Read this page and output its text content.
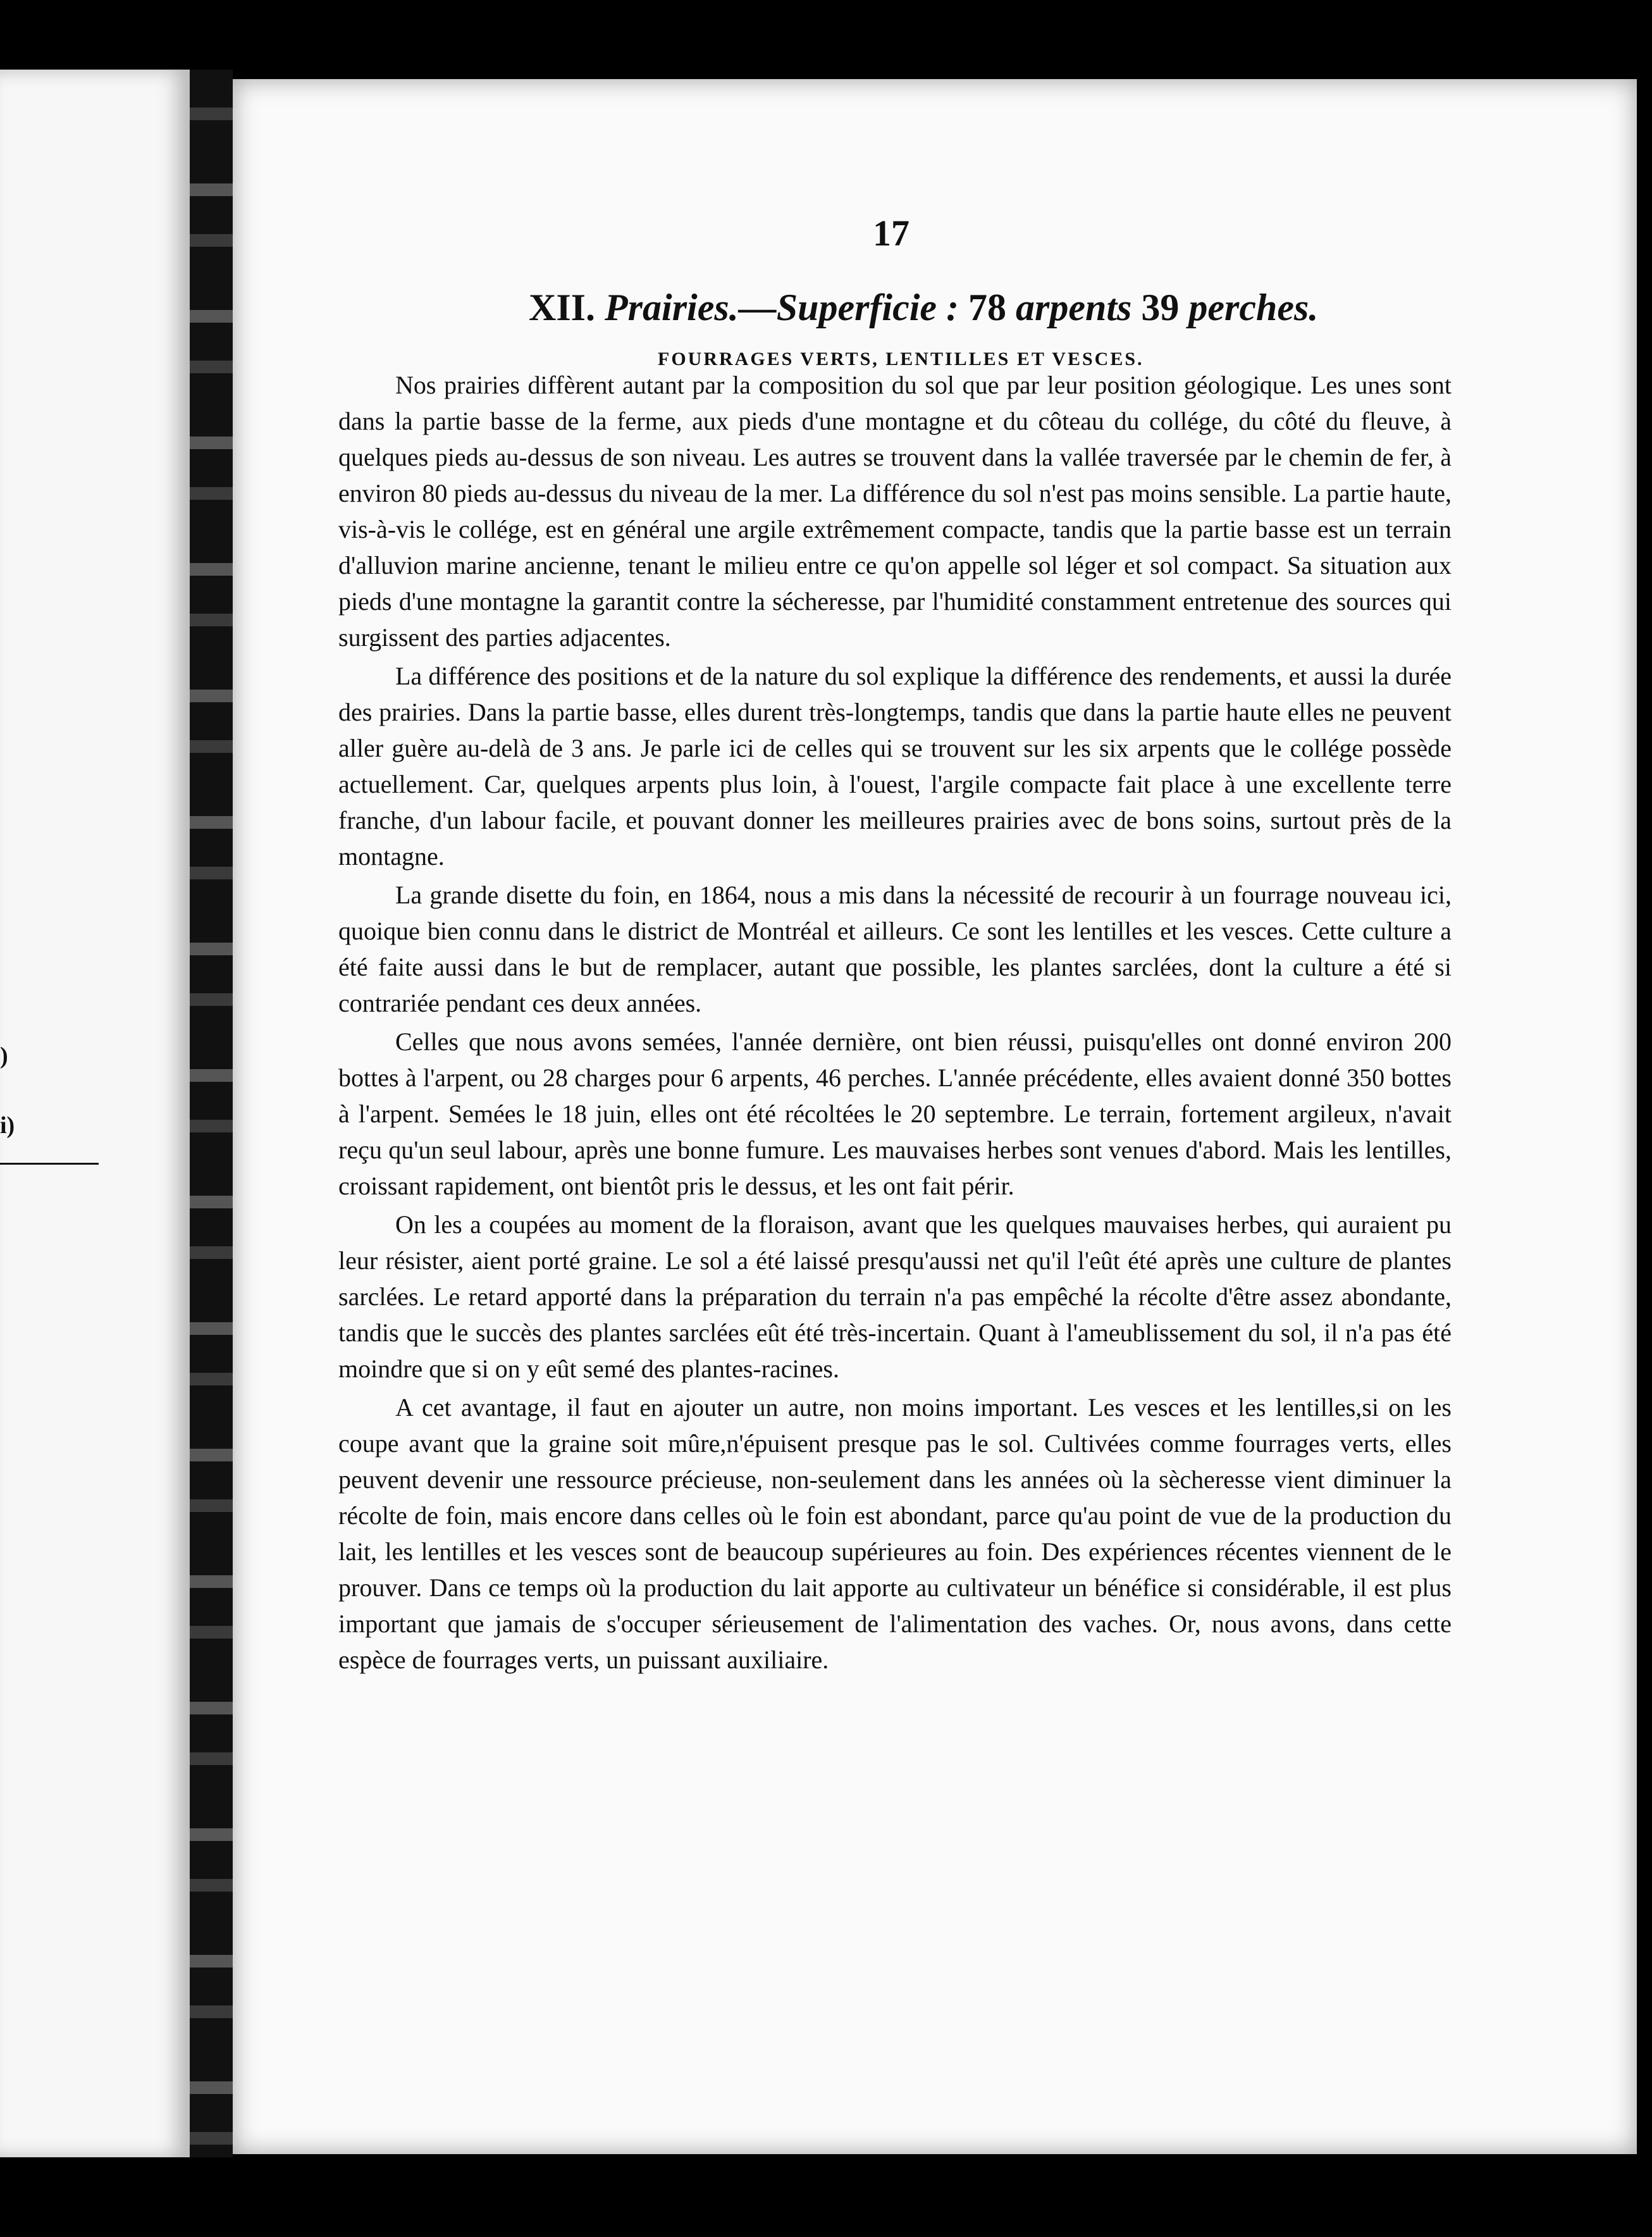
)
i)
17
XII. Prairies.—Superficie : 78 arpents 39 perches.
FOURRAGES VERTS, LENTILLES ET VESCES.

Nos prairies diffèrent autant par la composition du sol que par leur position géologique. Les unes sont dans la partie basse de la ferme, aux pieds d'une montagne et du côteau du collége, du côté du fleuve, à quelques pieds au-dessus de son niveau. Les autres se trouvent dans la vallée traversée par le chemin de fer, à environ 80 pieds au-dessus du niveau de la mer. La différence du sol n'est pas moins sensible. La partie haute, vis-à-vis le collége, est en général une argile extrêmement compacte, tandis que la partie basse est un terrain d'alluvion marine ancienne, tenant le milieu entre ce qu'on appelle sol léger et sol compact. Sa situation aux pieds d'une montagne la garantit contre la sécheresse, par l'humidité constamment entretenue des sources qui surgissent des parties adjacentes.

La différence des positions et de la nature du sol explique la différence des rendements, et aussi la durée des prairies. Dans la partie basse, elles durent très-longtemps, tandis que dans la partie haute elles ne peuvent aller guère au-delà de 3 ans. Je parle ici de celles qui se trouvent sur les six arpents que le collége possède actuellement. Car, quelques arpents plus loin, à l'ouest, l'argile compacte fait place à une excellente terre franche, d'un labour facile, et pouvant donner les meilleures prairies avec de bons soins, surtout près de la montagne.

La grande disette du foin, en 1864, nous a mis dans la nécessité de recourir à un fourrage nouveau ici, quoique bien connu dans le district de Montréal et ailleurs. Ce sont les lentilles et les vesces. Cette culture a été faite aussi dans le but de remplacer, autant que possible, les plantes sarclées, dont la culture a été si contrariée pendant ces deux années.

Celles que nous avons semées, l'année dernière, ont bien réussi, puisqu'elles ont donné environ 200 bottes à l'arpent, ou 28 charges pour 6 arpents, 46 perches. L'année précédente, elles avaient donné 350 bottes à l'arpent. Semées le 18 juin, elles ont été récoltées le 20 septembre. Le terrain, fortement argileux, n'avait reçu qu'un seul labour, après une bonne fumure. Les mauvaises herbes sont venues d'abord. Mais les lentilles, croissant rapidement, ont bientôt pris le dessus, et les ont fait périr.

On les a coupées au moment de la floraison, avant que les quelques mauvaises herbes, qui auraient pu leur résister, aient porté graine. Le sol a été laissé presqu'aussi net qu'il l'eût été après une culture de plantes sarclées. Le retard apporté dans la préparation du terrain n'a pas empêché la récolte d'être assez abondante, tandis que le succès des plantes sarclées eût été très-incertain. Quant à l'ameublissement du sol, il n'a pas été moindre que si on y eût semé des plantes-racines.

A cet avantage, il faut en ajouter un autre, non moins important. Les vesces et les lentilles,si on les coupe avant que la graine soit mûre,n'épuisent presque pas le sol. Cultivées comme fourrages verts, elles peuvent devenir une ressource précieuse, non-seulement dans les années où la sècheresse vient diminuer la récolte de foin, mais encore dans celles où le foin est abondant, parce qu'au point de vue de la production du lait, les lentilles et les vesces sont de beaucoup supérieures au foin. Des expériences récentes viennent de le prouver. Dans ce temps où la production du lait apporte au cultivateur un bénéfice si considérable, il est plus important que jamais de s'occuper sérieusement de l'alimentation des vaches. Or, nous avons, dans cette espèce de fourrages verts, un puissant auxiliaire.
